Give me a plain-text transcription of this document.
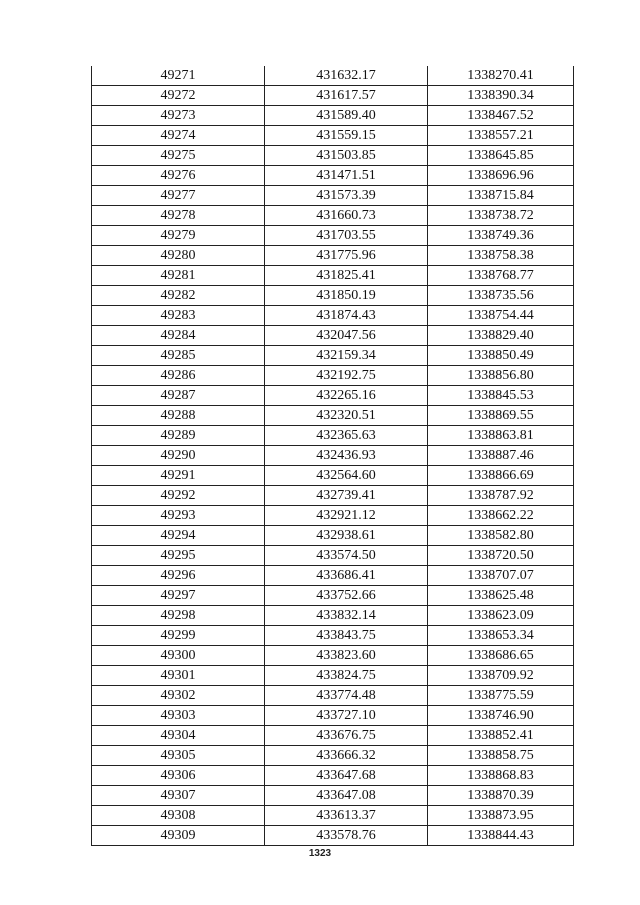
49271	431632.17	1338270.41
49272	431617.57	1338390.34
49273	431589.40	1338467.52
49274	431559.15	1338557.21
49275	431503.85	1338645.85
49276	431471.51	1338696.96
49277	431573.39	1338715.84
49278	431660.73	1338738.72
49279	431703.55	1338749.36
49280	431775.96	1338758.38
49281	431825.41	1338768.77
49282	431850.19	1338735.56
49283	431874.43	1338754.44
49284	432047.56	1338829.40
49285	432159.34	1338850.49
49286	432192.75	1338856.80
49287	432265.16	1338845.53
49288	432320.51	1338869.55
49289	432365.63	1338863.81
49290	432436.93	1338887.46
49291	432564.60	1338866.69
49292	432739.41	1338787.92
49293	432921.12	1338662.22
49294	432938.61	1338582.80
49295	433574.50	1338720.50
49296	433686.41	1338707.07
49297	433752.66	1338625.48
49298	433832.14	1338623.09
49299	433843.75	1338653.34
49300	433823.60	1338686.65
49301	433824.75	1338709.92
49302	433774.48	1338775.59
49303	433727.10	1338746.90
49304	433676.75	1338852.41
49305	433666.32	1338858.75
49306	433647.68	1338868.83
49307	433647.08	1338870.39
49308	433613.37	1338873.95
49309	433578.76	1338844.43
1323
